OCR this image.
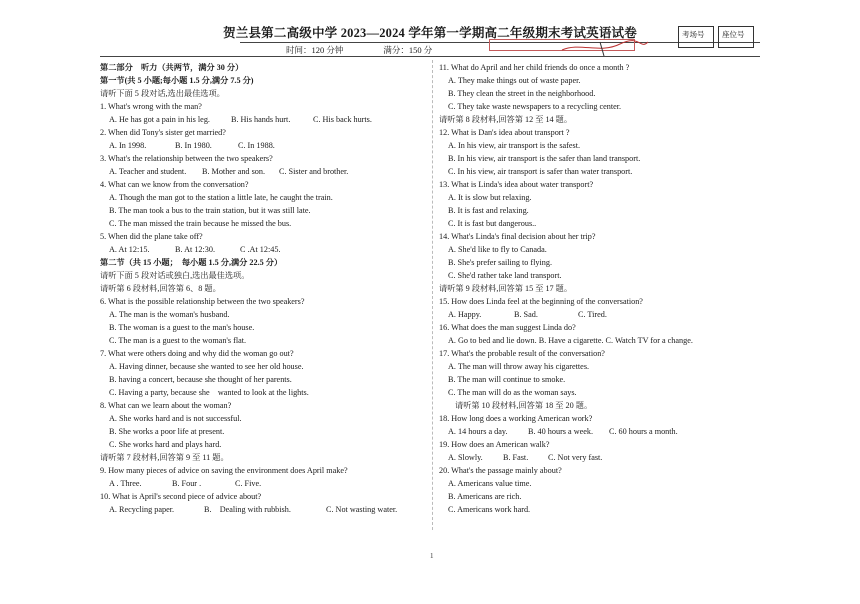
贺兰县第二高级中学 2023—2024 学年第一学期高二年级期末考试英语试卷
时间：120 分钟	满分：150 分
考场号	座位号
第二部分　听力（共两节，满分 30 分）
第一节(共 5 小题;每小题 1.5 分,满分 7.5 分)
请听下面 5 段对话,选出最佳选项。
1. What's wrong with the man?
A. He has got a pain in his leg.	B. His hands hurt.	C. His back hurts.
2. When did Tony's sister get married?
A. In 1998.	B. In 1980.	C. In 1988.
3. What's the relationship between the two speakers?
A. Teacher and student.	B. Mother and son.	C. Sister and brother.
4. What can we know from the conversation?
A. Though the man got to the station a little late, he caught the train.
B. The man took a bus to the train station, but it was still late.
C. The man missed the train because he missed the bus.
5. When did the plane take off?
A. At 12:15.	B. At 12:30.	C .At 12:45.
第二节（共 15 小题；　每小题 1.5 分,满分 22.5 分）
请听下面 5 段对话或独白,选出最佳选项。
请听第 6 段材料,回答第 6、8 题。
6. What is the possible relationship between the two speakers?
A. The man is the woman's husband.
B. The woman is a guest to the man's house.
C. The man is a guest to the woman's flat.
7. What were others doing and why did the woman go out?
A. Having dinner, because she wanted to see her old house.
B. having a concert, because she thought of her parents.
C. Having a party, because she　wanted to look at the lights.
8. What can we learn about the woman?
A. She works hard and is not successful.
B. She works a poor life at present.
C. She works hard and plays hard.
请听第 7 段材料,回答第 9 至 11 题。
9. How many pieces of advice on saving the environment does April make?
A . Three.	B. Four .	C. Five.
10. What is April's second piece of advice about?
A. Recycling paper.	B.　Dealing with rubbish.	C. Not wasting water.
11. What do April and her child friends do once a month ?
A. They make things out of waste paper.
B. They clean the street in the neighborhood.
C. They take waste newspapers to a recycling center.
请听第 8 段材料,回答第 12 至 14 题。
12. What is Dan's idea about transport ?
A. In his view, air transport is the safest.
B. In his view, air transport is the safer than land transport.
C. In his view, air transport is safer than water transport.
13. What is Linda's idea about water transport?
A. It is slow but relaxing.
B. It is fast and relaxing.
C. It is fast but dangerous..
14. What's Linda's final decision about her trip?
A. She'd like to fly to Canada.
B. She's prefer sailing to flying.
C. She'd rather take land transport.
请听第 9 段材料,回答第 15 至 17 题。
15. How does Linda feel at the beginning of the conversation?
A. Happy.	B. Sad.	C. Tired.
16. What does the man suggest Linda do?
A. Go to bed and lie down. B. Have a cigarette. C. Watch TV for a change.
17. What's the probable result of the conversation?
A. The man will throw away his cigarettes.
B. The man will continue to smoke.
C. The man will do as the woman says.
请听第 10 段材料,回答第 18 至 20 题。
18. How long does a working American work?
A. 14 hours a day.	B. 40 hours a week.	C. 60 hours a month.
19. How does an American walk?
A. Slowly.	B. Fast.	C. Not very fast.
20. What's the passage mainly about?
A. Americans value time.
B. Americans are rich.
C. Americans work hard.
1
